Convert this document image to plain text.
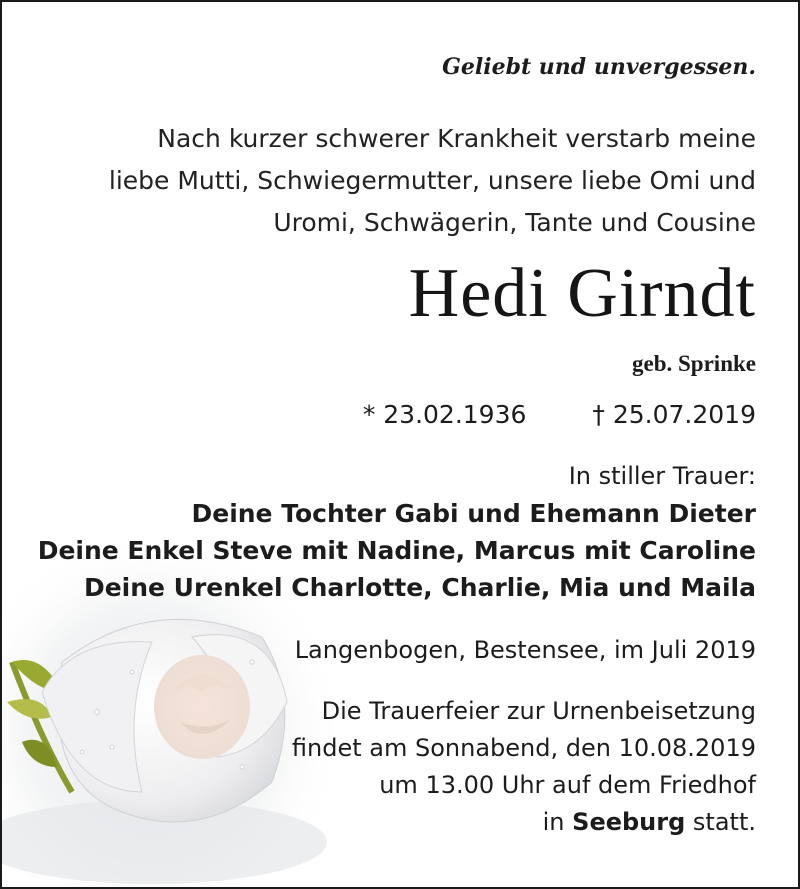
Geliebt und unvergessen.
Nach kurzer schwerer Krankheit verstarb meine
liebe Mutti, Schwiegermutter, unsere liebe Omi und
Uromi, Schwägerin, Tante und Cousine
Hedi Girndt
geb. Sprinke
* 23.02.1936	† 25.07.2019
In stiller Trauer:
Deine Tochter Gabi und Ehemann Dieter
Deine Enkel Steve mit Nadine, Marcus mit Caroline
Deine Urenkel Charlotte, Charlie, Mia und Maila
Langenbogen, Bestensee, im Juli 2019
Die Trauerfeier zur Urnenbeisetzung
findet am Sonnabend, den 10.08.2019
um 13.00 Uhr auf dem Friedhof
in Seeburg statt.
